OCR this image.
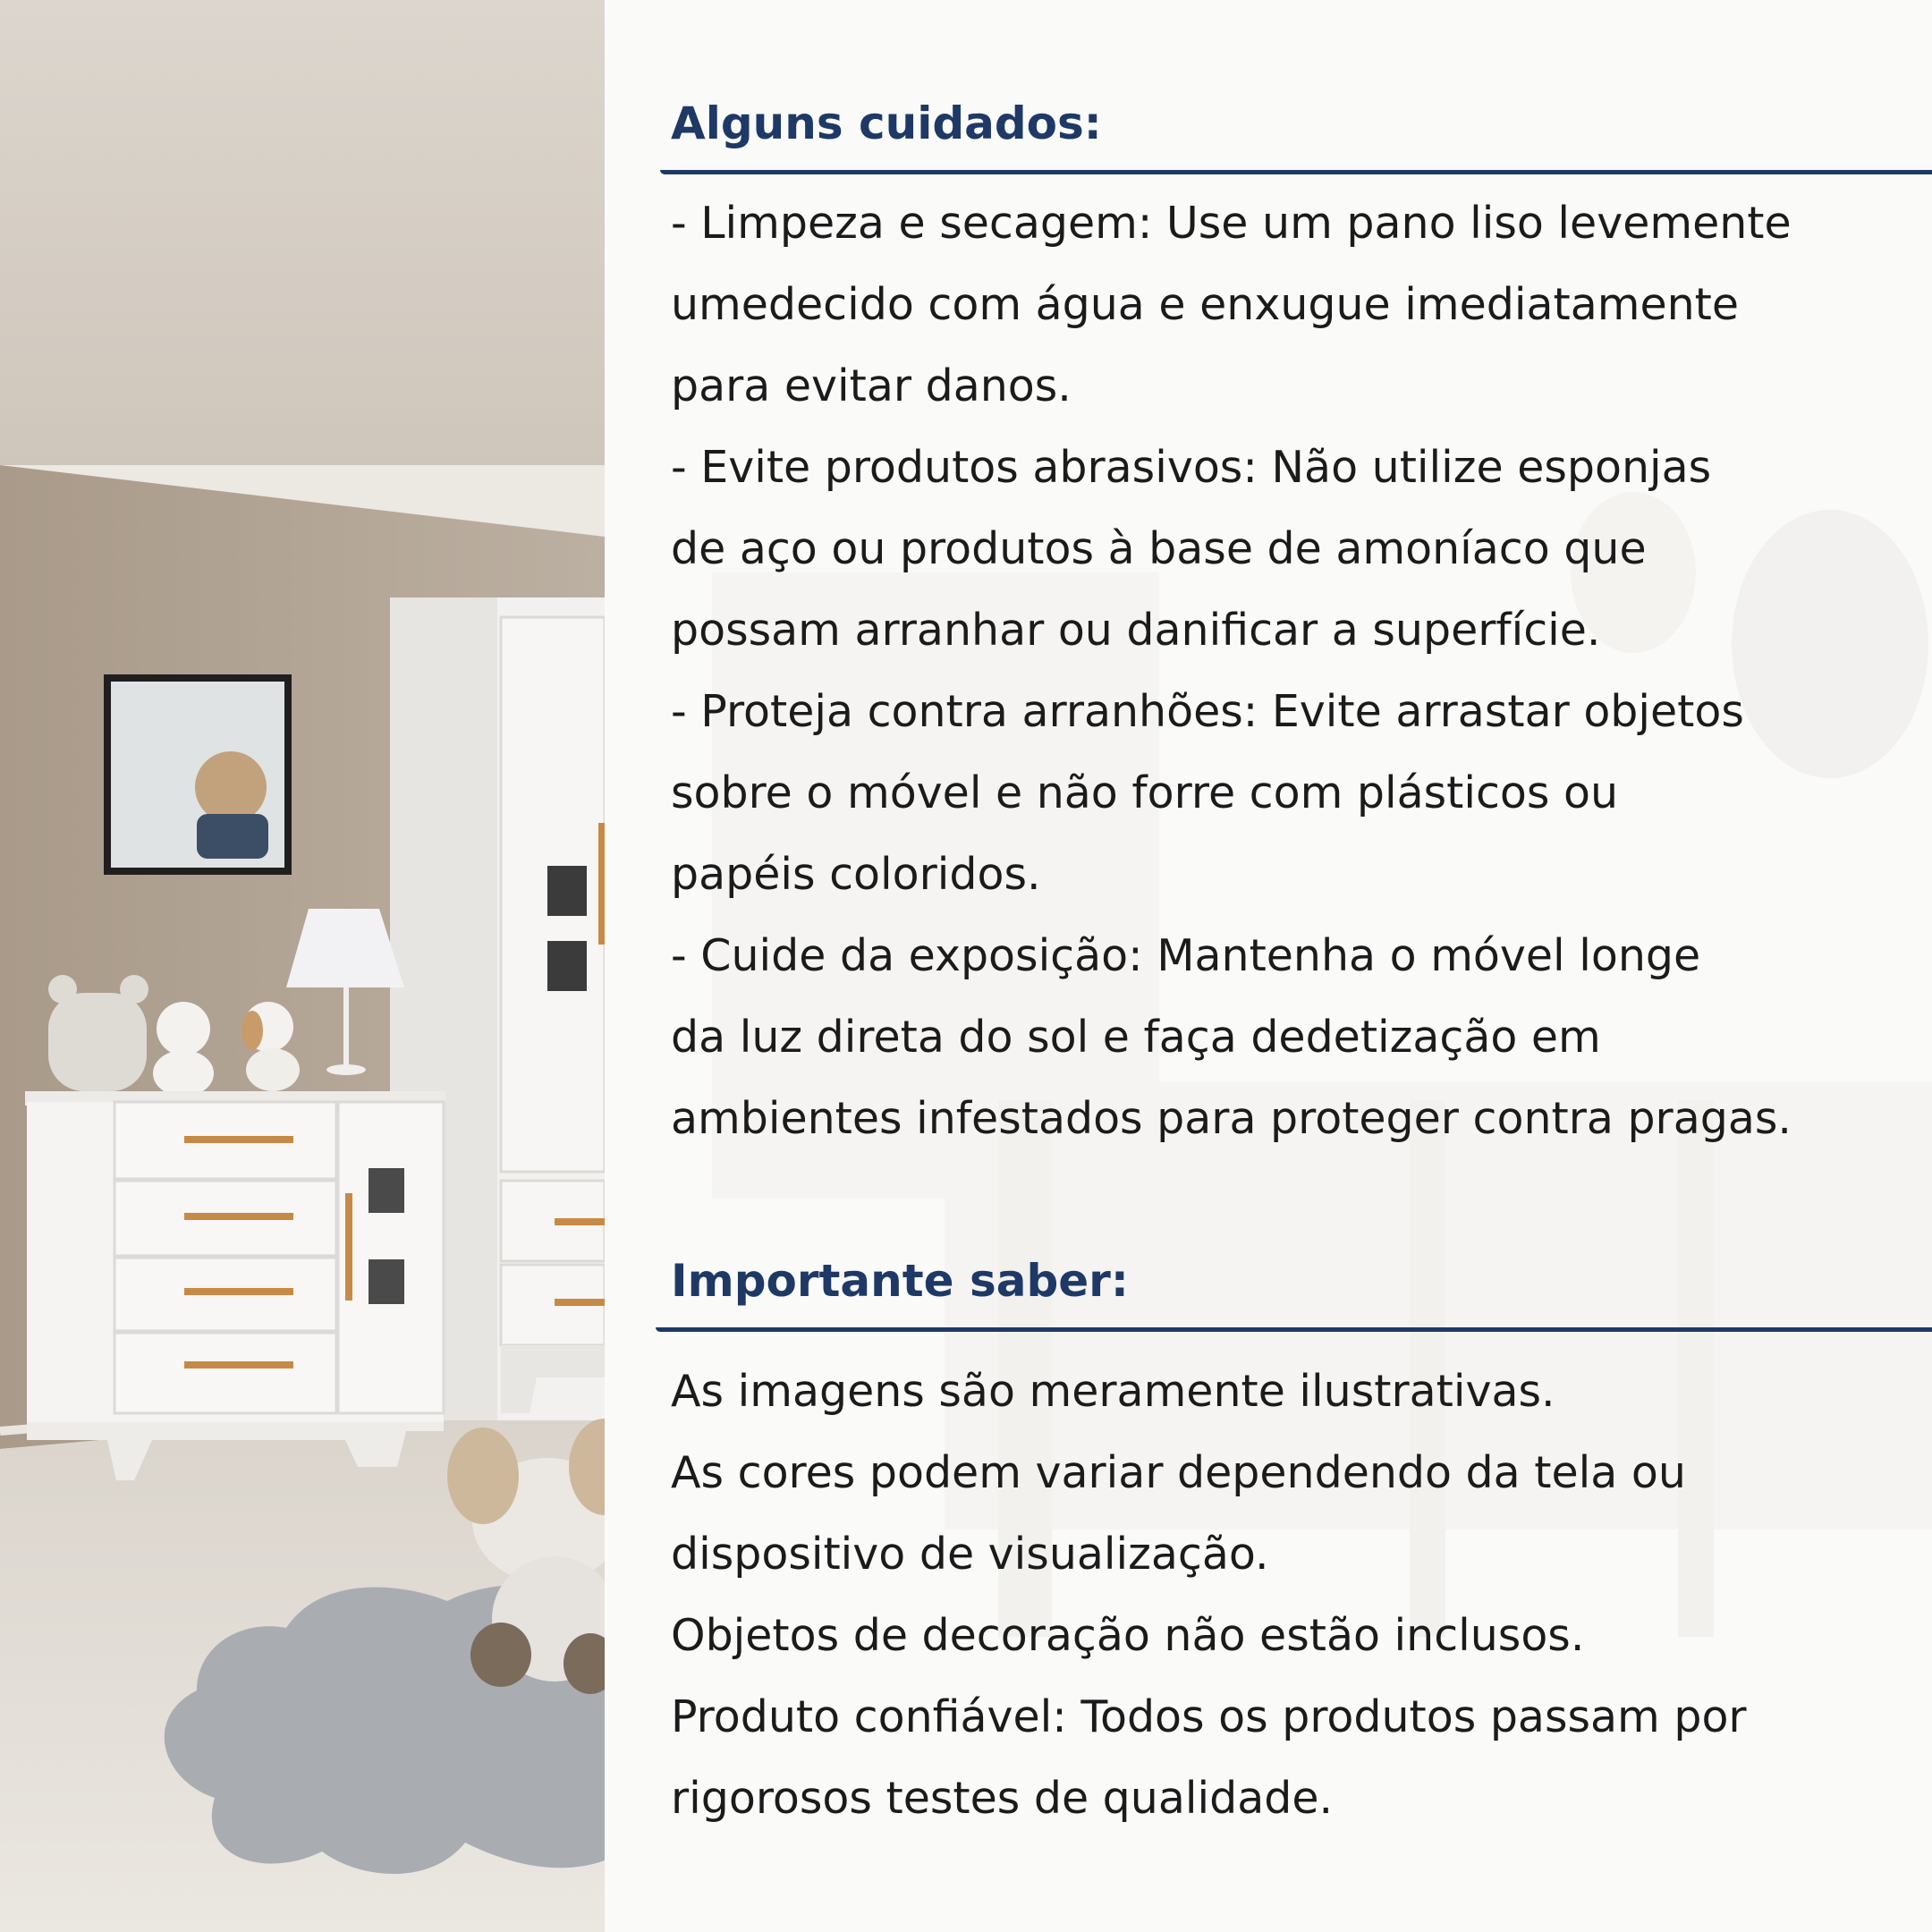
Alguns cuidados:

- Limpeza e secagem: Use um pano liso levemente

umedecido com água e enxugue imediatamente

para evitar danos.

- Evite produtos abrasivos: Não utilize esponjas

de aço ou produtos à base de amoníaco que

possam arranhar ou danificar a superfície.

- Proteja contra arranhões: Evite arrastar objetos

sobre o móvel e não forre com plásticos ou

papéis coloridos.

- Cuide da exposição: Mantenha o móvel longe

da luz direta do sol e faça dedetização em

ambientes infestados para proteger contra pragas.

Importante saber:

As imagens são meramente ilustrativas.

As cores podem variar dependendo da tela ou

dispositivo de visualização.

Objetos de decoração não estão inclusos.

Produto confiável: Todos os produtos passam por

rigorosos testes de qualidade.
